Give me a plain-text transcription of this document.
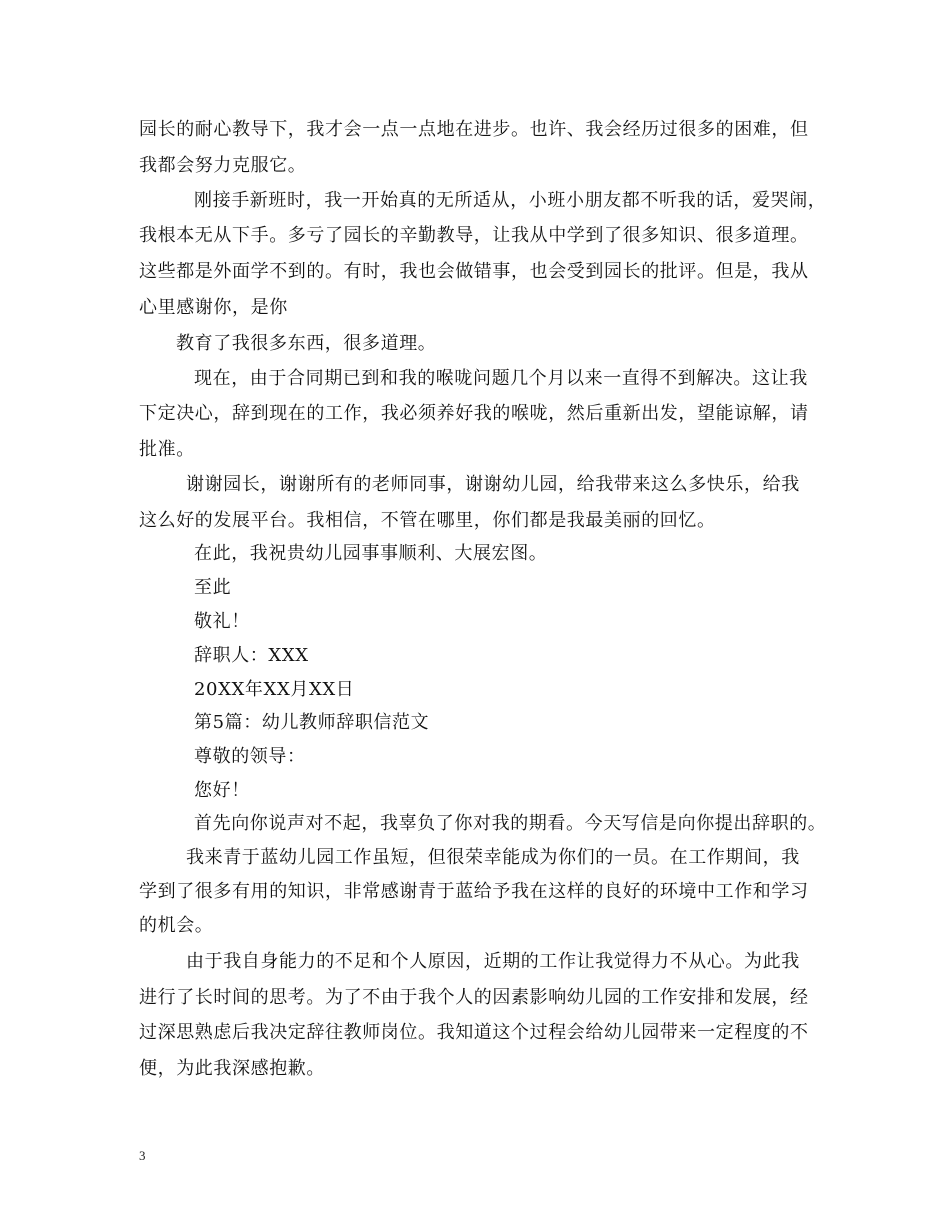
园长的耐心教导下，我才会一点一点地在进步。也许、我会经历过很多的困难，但
我都会努力克服它。
刚接手新班时，我一开始真的无所适从，小班小朋友都不听我的话，爱哭闹，
我根本无从下手。多亏了园长的辛勤教导，让我从中学到了很多知识、很多道理。
这些都是外面学不到的。有时，我也会做错事，也会受到园长的批评。但是，我从
心里感谢你，是你
教育了我很多东西，很多道理。
现在，由于合同期已到和我的喉咙问题几个月以来一直得不到解决。这让我
下定决心，辞到现在的工作，我必须养好我的喉咙，然后重新出发，望能谅解，请
批准。
谢谢园长，谢谢所有的老师同事，谢谢幼儿园，给我带来这么多快乐，给我
这么好的发展平台。我相信，不管在哪里，你们都是我最美丽的回忆。
在此，我祝贵幼儿园事事顺利、大展宏图。
至此
敬礼！
辞职人：XXX
20XX年XX月XX日
第5篇：幼儿教师辞职信范文
尊敬的领导：
您好！
首先向你说声对不起，我辜负了你对我的期看。今天写信是向你提出辞职的。
我来青于蓝幼儿园工作虽短，但很荣幸能成为你们的一员。在工作期间，我
学到了很多有用的知识，非常感谢青于蓝给予我在这样的良好的环境中工作和学习
的机会。
由于我自身能力的不足和个人原因，近期的工作让我觉得力不从心。为此我
进行了长时间的思考。为了不由于我个人的因素影响幼儿园的工作安排和发展，经
过深思熟虑后我决定辞往教师岗位。我知道这个过程会给幼儿园带来一定程度的不
便，为此我深感抱歉。
3
